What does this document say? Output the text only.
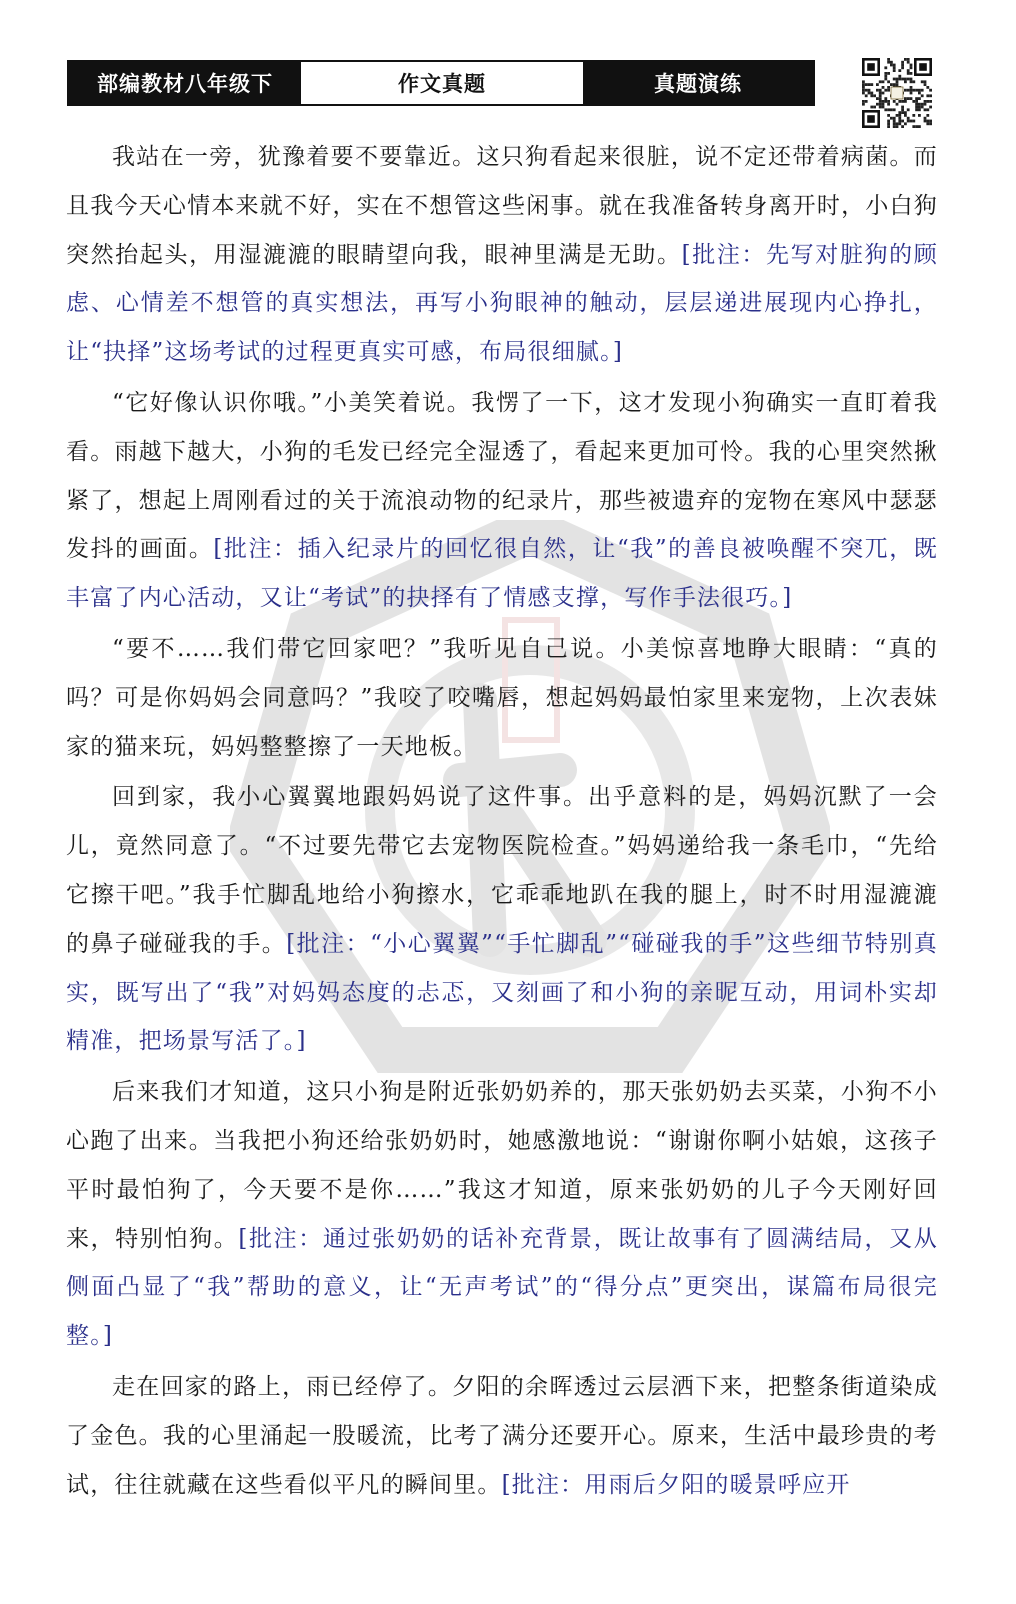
部编教材八年级下	作文真题	真题演练

我站在一旁，犹豫着要不要靠近。这只狗看起来很脏，说不定还带着病菌。而且我今天心情本来就不好，实在不想管这些闲事。就在我准备转身离开时，小白狗突然抬起头，用湿漉漉的眼睛望向我，眼神里满是无助。[批注：先写对脏狗的顾虑、心情差不想管的真实想法，再写小狗眼神的触动，层层递进展现内心挣扎，让“抉择”这场考试的过程更真实可感，布局很细腻。]

“它好像认识你哦。”小美笑着说。我愣了一下，这才发现小狗确实一直盯着我看。雨越下越大，小狗的毛发已经完全湿透了，看起来更加可怜。我的心里突然揪紧了，想起上周刚看过的关于流浪动物的纪录片，那些被遗弃的宠物在寒风中瑟瑟发抖的画面。[批注：插入纪录片的回忆很自然，让“我”的善良被唤醒不突兀，既丰富了内心活动，又让“考试”的抉择有了情感支撑，写作手法很巧。]

“要不……我们带它回家吧？”我听见自己说。小美惊喜地睁大眼睛：“真的吗？可是你妈妈会同意吗？”我咬了咬嘴唇，想起妈妈最怕家里来宠物，上次表妹家的猫来玩，妈妈整整擦了一天地板。

回到家，我小心翼翼地跟妈妈说了这件事。出乎意料的是，妈妈沉默了一会儿，竟然同意了。“不过要先带它去宠物医院检查。”妈妈递给我一条毛巾，“先给它擦干吧。”我手忙脚乱地给小狗擦水，它乖乖地趴在我的腿上，时不时用湿漉漉的鼻子碰碰我的手。[批注：“小心翼翼”“手忙脚乱”“碰碰我的手”这些细节特别真实，既写出了“我”对妈妈态度的忐忑，又刻画了和小狗的亲昵互动，用词朴实却精准，把场景写活了。]

后来我们才知道，这只小狗是附近张奶奶养的，那天张奶奶去买菜，小狗不小心跑了出来。当我把小狗还给张奶奶时，她感激地说：“谢谢你啊小姑娘，这孩子平时最怕狗了，今天要不是你……”我这才知道，原来张奶奶的儿子今天刚好回来，特别怕狗。[批注：通过张奶奶的话补充背景，既让故事有了圆满结局，又从侧面凸显了“我”帮助的意义，让“无声考试”的“得分点”更突出，谋篇布局很完整。]

走在回家的路上，雨已经停了。夕阳的余晖透过云层洒下来，把整条街道染成了金色。我的心里涌起一股暖流，比考了满分还要开心。原来，生活中最珍贵的考试，往往就藏在这些看似平凡的瞬间里。[批注：用雨后夕阳的暖景呼应开
